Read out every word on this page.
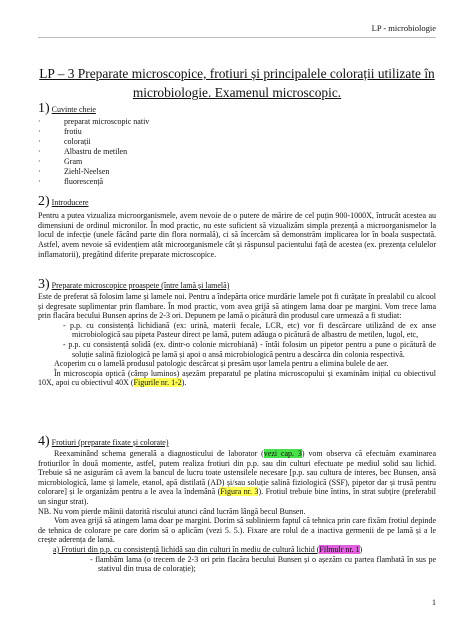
LP - microbiologie
LP – 3 Preparate microscopice, frotiuri și principalele colorații utilizate în microbiologie. Examenul microscopic.
1) Cuvinte cheie
·	preparat microscopic nativ
·	frotiu
·	colorații
·	Albastru de metilen
·	Gram
·	Ziehl-Neelsen
·	fluorescență
2) Introducere
Pentru a putea vizualiza microorganismele, avem nevoie de o putere de mărire de cel puțin 900-1000X, întrucât acestea au dimensiuni de ordinul micronilor. În mod practic, nu este suficient să vizualizăm simpla prezență a microorganismelor la locul de infecție (unele făcând parte din flora normală), ci să încercăm să demonstrăm implicarea lor în boala suspectată. Astfel, avem nevoie să evidențiem atât microorganismele cât și răspunsul pacientului față de acestea (ex. prezența celulelor inflamatorii), pregătind diferite preparate microscopice.
3) Preparate microscopice proaspete (între lamă și lamelă)
Este de preferat să folosim lame și lamele noi. Pentru a îndepărta orice murdărie lamele pot fi curățate în prealabil cu alcool și degresate suplimentar prin flambare. În mod practic, vom avea grijă să atingem lama doar pe margini. Vom trece lama prin flacăra becului Bunsen aprins de 2-3 ori. Depunem pe lamă o picătură din produsul care urmează a fi studiat:
- p.p. cu consistență lichidiană (ex: urină, materii fecale, LCR, etc) vor fi descărcare utilizând de ex anse microbiologică sau pipeta Pasteur direct pe lamă, putem adăuga o picătură de albastru de metilen, lugol, etc,
- p.p. cu consistență solidă (ex. dintr-o colonie microbiană) - întâi folosim un pipetor pentru a pune o picătură de soluție salină fiziologică pe lamă și apoi o ansă microbiologică pentru a descărca din colonia respectivă.
Acoperim cu o lamelă produsul patologic descărcat și presăm ușor lamela pentru a elimina bulele de aer.
În microscopia optică (câmp luminos) așezăm preparatul pe platina microscopului și examinăm inițial cu obiectivul 10X, apoi cu obiectivul 40X (Figurile nr. 1-2).
4) Frotiuri (preparate fixate și colorate)
Reexaminând schema generală a diagnosticului de laborator (vezi cap. 3) vom observa că efectuăm examinarea frotiurilor în două momente, astfel, putem realiza frotiuri din p.p. sau din culturi efectuate pe mediul solid sau lichid. Trebuie să ne asigurăm că avem la bancul de lucru toate ustensilele necesare [p.p. sau cultura de interes, bec Bunsen, ansă microbiologică, lame și lamele, etanol, apă distilată (AD) și/sau soluție salină fiziologică (SSF), pipetor dar și trusă pentru colorare] și le organizăm pentru a le avea la îndemână (Figura nr. 3). Frotiul trebuie bine întins, în strat subțire (preferabil un singur strat).
NB. Nu vom pierde mâinii datorită riscului atunci când lucrăm lângă becul Bunsen.
Vom avea grijă să atingem lama doar pe margini. Dorim să sublinierm faptul că tehnica prin care fixăm frotiul depinde de tehnica de colorare pe care dorim să o aplicăm (vezi 5. 5.). Fixare are rolul de a inactiva germenii de pe lamă și a le crește aderența de lamă.
a) Frotiuri din p.p. cu consistență lichidă sau din culturi în mediu de cultură lichid (Filmulr nr. 1)
- flambăm lama (o trecem de 2-3 ori prin flacăra becului Bunsen și o așezăm cu partea flambată în sus pe stativul din trusa de colorație);
1
